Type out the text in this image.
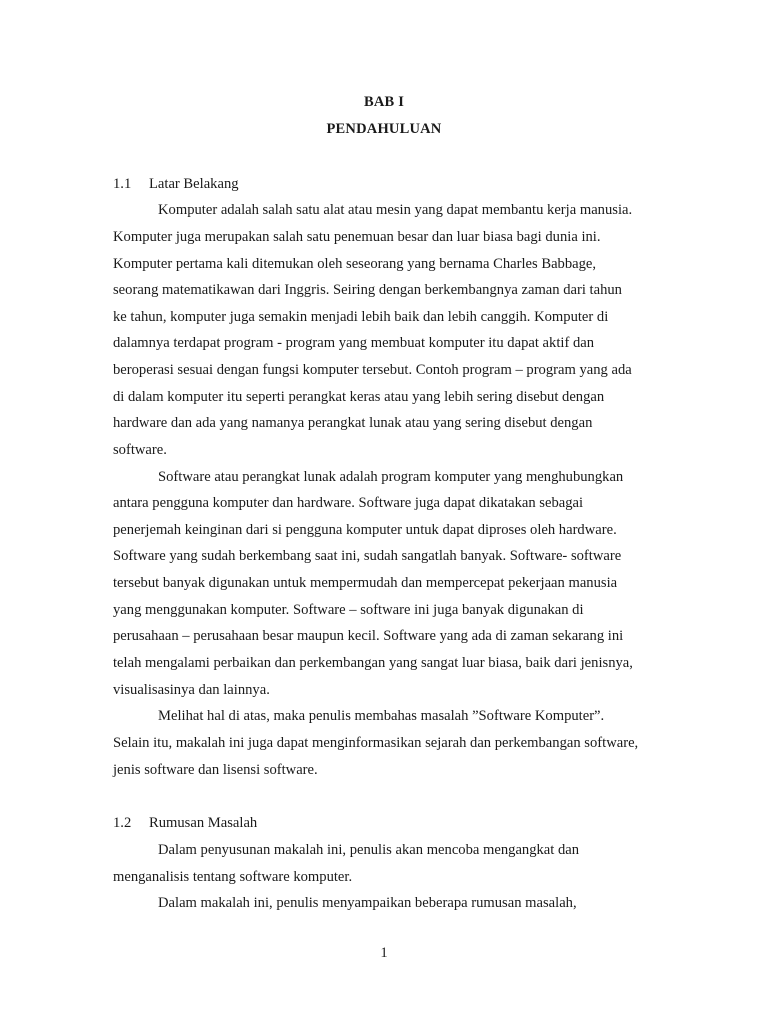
BAB I
PENDAHULUAN
1.1 Latar Belakang
Komputer adalah salah satu alat atau mesin yang dapat membantu kerja manusia.
Komputer juga merupakan salah satu penemuan besar dan luar biasa bagi dunia ini.
Komputer pertama kali ditemukan oleh seseorang yang bernama Charles Babbage,
seorang matematikawan dari Inggris. Seiring dengan berkembangnya zaman dari tahun
ke tahun, komputer juga semakin menjadi lebih baik dan lebih canggih. Komputer di
dalamnya terdapat program - program yang membuat komputer itu dapat aktif dan
beroperasi sesuai dengan fungsi komputer tersebut. Contoh program – program yang ada
di dalam komputer itu seperti perangkat keras atau yang lebih sering disebut dengan
hardware dan ada yang namanya perangkat lunak atau yang sering disebut dengan
software.
Software atau perangkat lunak adalah program komputer yang menghubungkan
antara pengguna komputer dan hardware. Software juga dapat dikatakan sebagai
penerjemah keinginan dari si pengguna komputer untuk dapat diproses oleh hardware.
Software yang sudah berkembang saat ini, sudah sangatlah banyak. Software- software
tersebut banyak digunakan untuk mempermudah dan mempercepat pekerjaan manusia
yang menggunakan komputer. Software – software ini juga banyak digunakan di
perusahaan – perusahaan besar maupun kecil. Software yang ada di zaman sekarang ini
telah mengalami perbaikan dan perkembangan yang sangat luar biasa, baik dari jenisnya,
visualisasinya dan lainnya.
Melihat hal di atas, maka penulis membahas masalah ”Software Komputer”.
Selain itu, makalah ini juga dapat menginformasikan sejarah dan perkembangan software,
jenis software dan lisensi software.
1.2 Rumusan Masalah
Dalam penyusunan makalah ini, penulis akan mencoba mengangkat dan
menganalisis tentang software komputer.
Dalam makalah ini, penulis menyampaikan beberapa rumusan masalah,
1
